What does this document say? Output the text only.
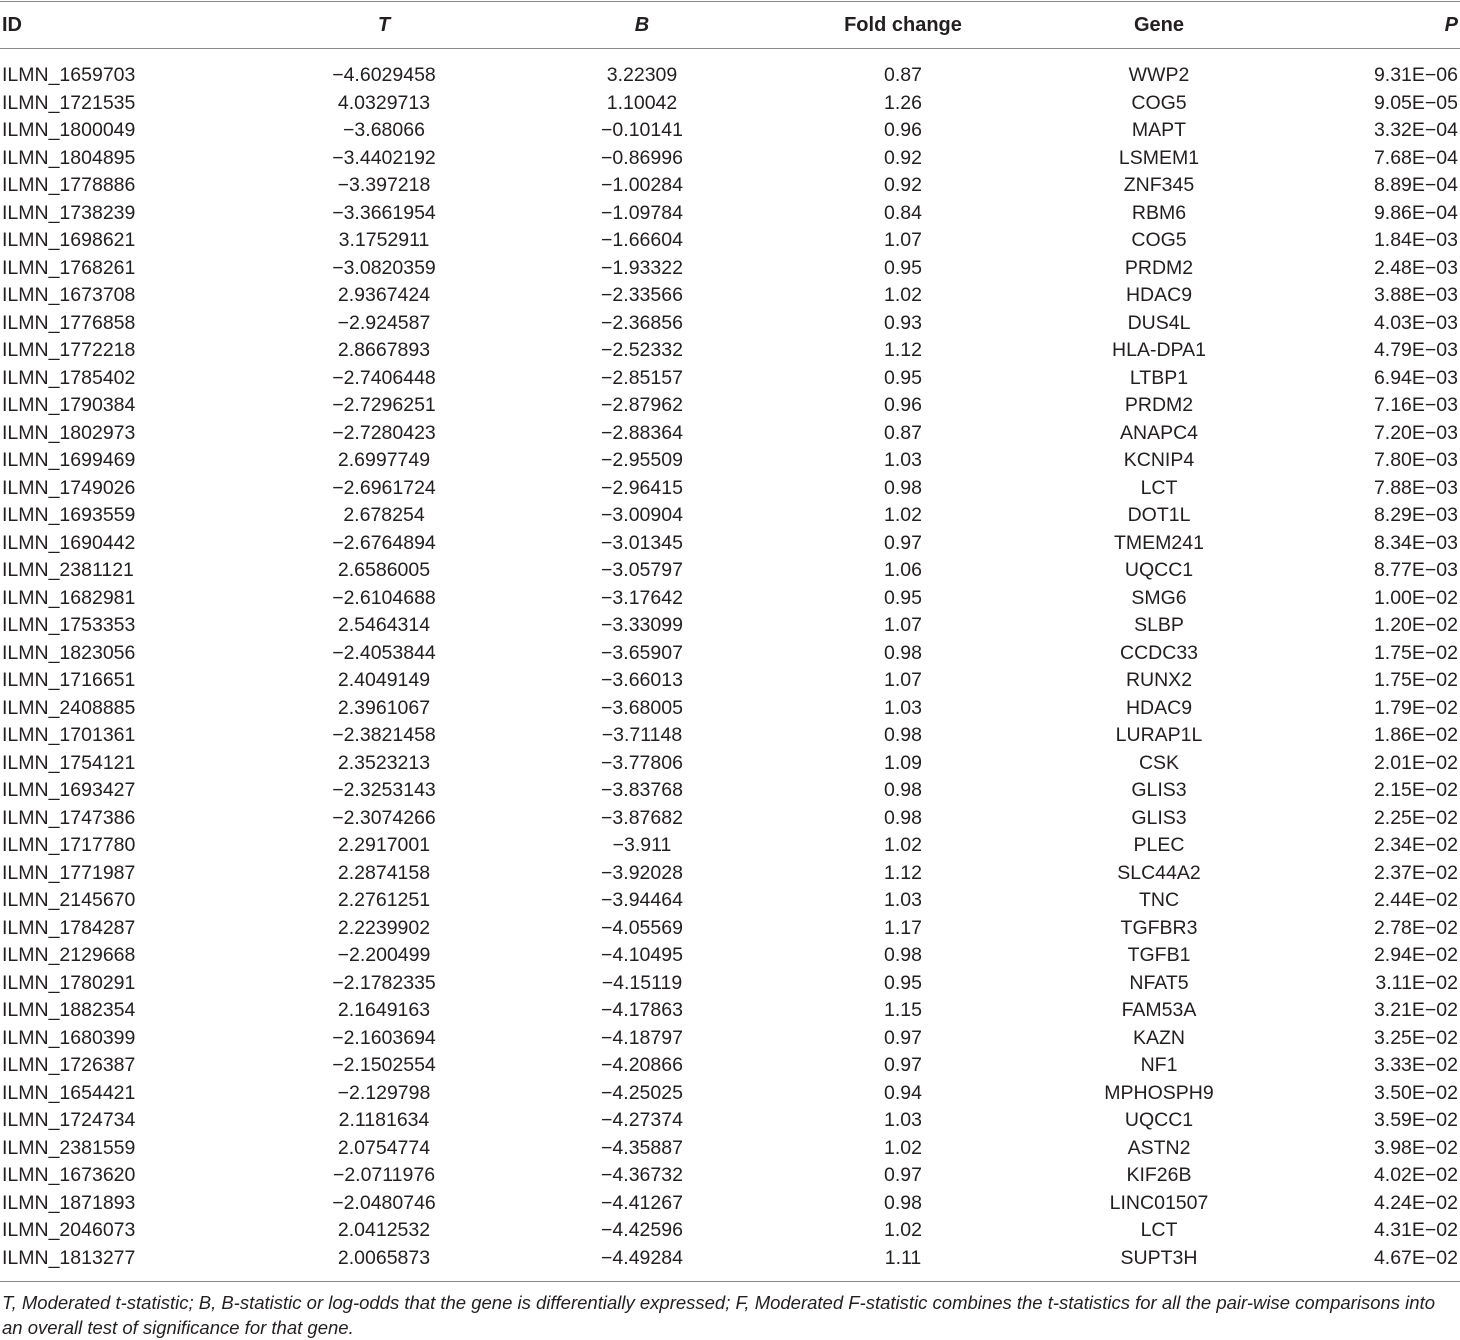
ID	T	B	Fold change	Gene	P
ILMN_1659703	−4.6029458	3.22309	0.87	WWP2	9.31E−06
ILMN_1721535	4.0329713	1.10042	1.26	COG5	9.05E−05
ILMN_1800049	−3.68066	−0.10141	0.96	MAPT	3.32E−04
ILMN_1804895	−3.4402192	−0.86996	0.92	LSMEM1	7.68E−04
ILMN_1778886	−3.397218	−1.00284	0.92	ZNF345	8.89E−04
ILMN_1738239	−3.3661954	−1.09784	0.84	RBM6	9.86E−04
ILMN_1698621	3.1752911	−1.66604	1.07	COG5	1.84E−03
ILMN_1768261	−3.0820359	−1.93322	0.95	PRDM2	2.48E−03
ILMN_1673708	2.9367424	−2.33566	1.02	HDAC9	3.88E−03
ILMN_1776858	−2.924587	−2.36856	0.93	DUS4L	4.03E−03
ILMN_1772218	2.8667893	−2.52332	1.12	HLA-DPA1	4.79E−03
ILMN_1785402	−2.7406448	−2.85157	0.95	LTBP1	6.94E−03
ILMN_1790384	−2.7296251	−2.87962	0.96	PRDM2	7.16E−03
ILMN_1802973	−2.7280423	−2.88364	0.87	ANAPC4	7.20E−03
ILMN_1699469	2.6997749	−2.95509	1.03	KCNIP4	7.80E−03
ILMN_1749026	−2.6961724	−2.96415	0.98	LCT	7.88E−03
ILMN_1693559	2.678254	−3.00904	1.02	DOT1L	8.29E−03
ILMN_1690442	−2.6764894	−3.01345	0.97	TMEM241	8.34E−03
ILMN_2381121	2.6586005	−3.05797	1.06	UQCC1	8.77E−03
ILMN_1682981	−2.6104688	−3.17642	0.95	SMG6	1.00E−02
ILMN_1753353	2.5464314	−3.33099	1.07	SLBP	1.20E−02
ILMN_1823056	−2.4053844	−3.65907	0.98	CCDC33	1.75E−02
ILMN_1716651	2.4049149	−3.66013	1.07	RUNX2	1.75E−02
ILMN_2408885	2.3961067	−3.68005	1.03	HDAC9	1.79E−02
ILMN_1701361	−2.3821458	−3.71148	0.98	LURAP1L	1.86E−02
ILMN_1754121	2.3523213	−3.77806	1.09	CSK	2.01E−02
ILMN_1693427	−2.3253143	−3.83768	0.98	GLIS3	2.15E−02
ILMN_1747386	−2.3074266	−3.87682	0.98	GLIS3	2.25E−02
ILMN_1717780	2.2917001	−3.911	1.02	PLEC	2.34E−02
ILMN_1771987	2.2874158	−3.92028	1.12	SLC44A2	2.37E−02
ILMN_2145670	2.2761251	−3.94464	1.03	TNC	2.44E−02
ILMN_1784287	2.2239902	−4.05569	1.17	TGFBR3	2.78E−02
ILMN_2129668	−2.200499	−4.10495	0.98	TGFB1	2.94E−02
ILMN_1780291	−2.1782335	−4.15119	0.95	NFAT5	3.11E−02
ILMN_1882354	2.1649163	−4.17863	1.15	FAM53A	3.21E−02
ILMN_1680399	−2.1603694	−4.18797	0.97	KAZN	3.25E−02
ILMN_1726387	−2.1502554	−4.20866	0.97	NF1	3.33E−02
ILMN_1654421	−2.129798	−4.25025	0.94	MPHOSPH9	3.50E−02
ILMN_1724734	2.1181634	−4.27374	1.03	UQCC1	3.59E−02
ILMN_2381559	2.0754774	−4.35887	1.02	ASTN2	3.98E−02
ILMN_1673620	−2.0711976	−4.36732	0.97	KIF26B	4.02E−02
ILMN_1871893	−2.0480746	−4.41267	0.98	LINC01507	4.24E−02
ILMN_2046073	2.0412532	−4.42596	1.02	LCT	4.31E−02
ILMN_1813277	2.0065873	−4.49284	1.11	SUPT3H	4.67E−02
T, Moderated t-statistic; B, B-statistic or log-odds that the gene is differentially expressed; F, Moderated F-statistic combines the t-statistics for all the pair-wise comparisons into an overall test of significance for that gene.
